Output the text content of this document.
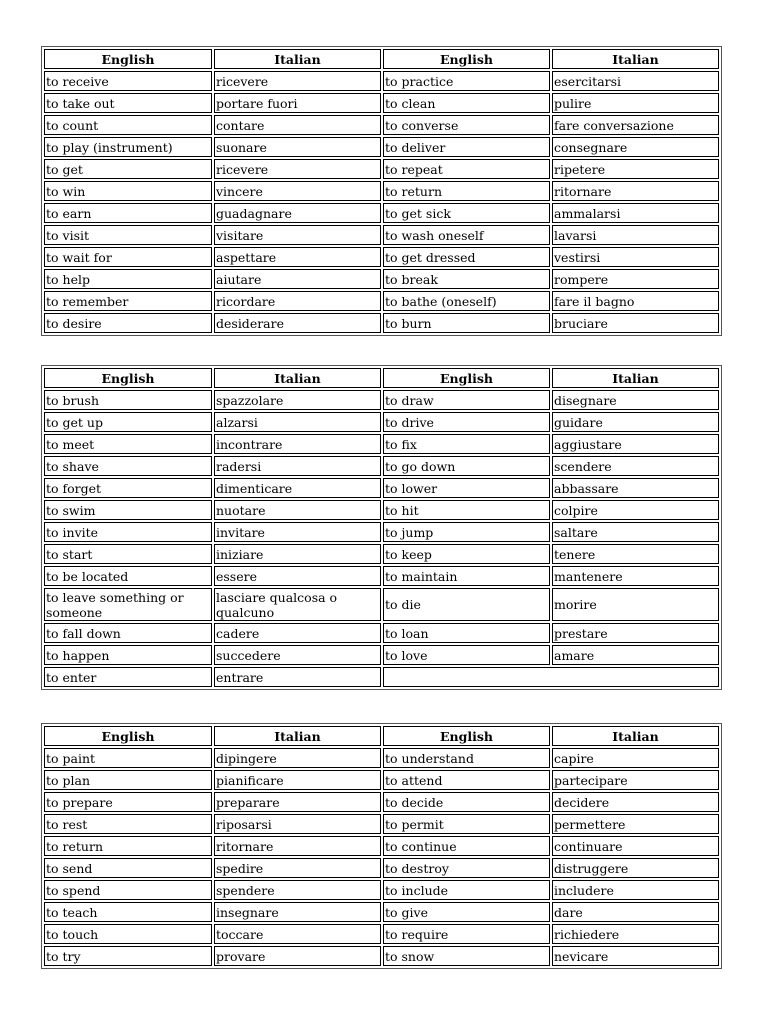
English	Italian	English	Italian
to receive	ricevere	to practice	esercitarsi
to take out	portare fuori	to clean	pulire
to count	contare	to converse	fare conversazione
to play (instrument)	suonare	to deliver	consegnare
to get	ricevere	to repeat	ripetere
to win	vincere	to return	ritornare
to earn	guadagnare	to get sick	ammalarsi
to visit	visitare	to wash oneself	lavarsi
to wait for	aspettare	to get dressed	vestirsi
to help	aiutare	to break	rompere
to remember	ricordare	to bathe (oneself)	fare il bagno
to desire	desiderare	to burn	bruciare
English	Italian	English	Italian
to brush	spazzolare	to draw	disegnare
to get up	alzarsi	to drive	guidare
to meet	incontrare	to fix	aggiustare
to shave	radersi	to go down	scendere
to forget	dimenticare	to lower	abbassare
to swim	nuotare	to hit	colpire
to invite	invitare	to jump	saltare
to start	iniziare	to keep	tenere
to be located	essere	to maintain	mantenere
to leave something or someone	lasciare qualcosa o qualcuno	to die	morire
to fall down	cadere	to loan	prestare
to happen	succedere	to love	amare
to enter	entrare		
English	Italian	English	Italian
to paint	dipingere	to understand	capire
to plan	pianificare	to attend	partecipare
to prepare	preparare	to decide	decidere
to rest	riposarsi	to permit	permettere
to return	ritornare	to continue	continuare
to send	spedire	to destroy	distruggere
to spend	spendere	to include	includere
to teach	insegnare	to give	dare
to touch	toccare	to require	richiedere
to try	provare	to snow	nevicare
